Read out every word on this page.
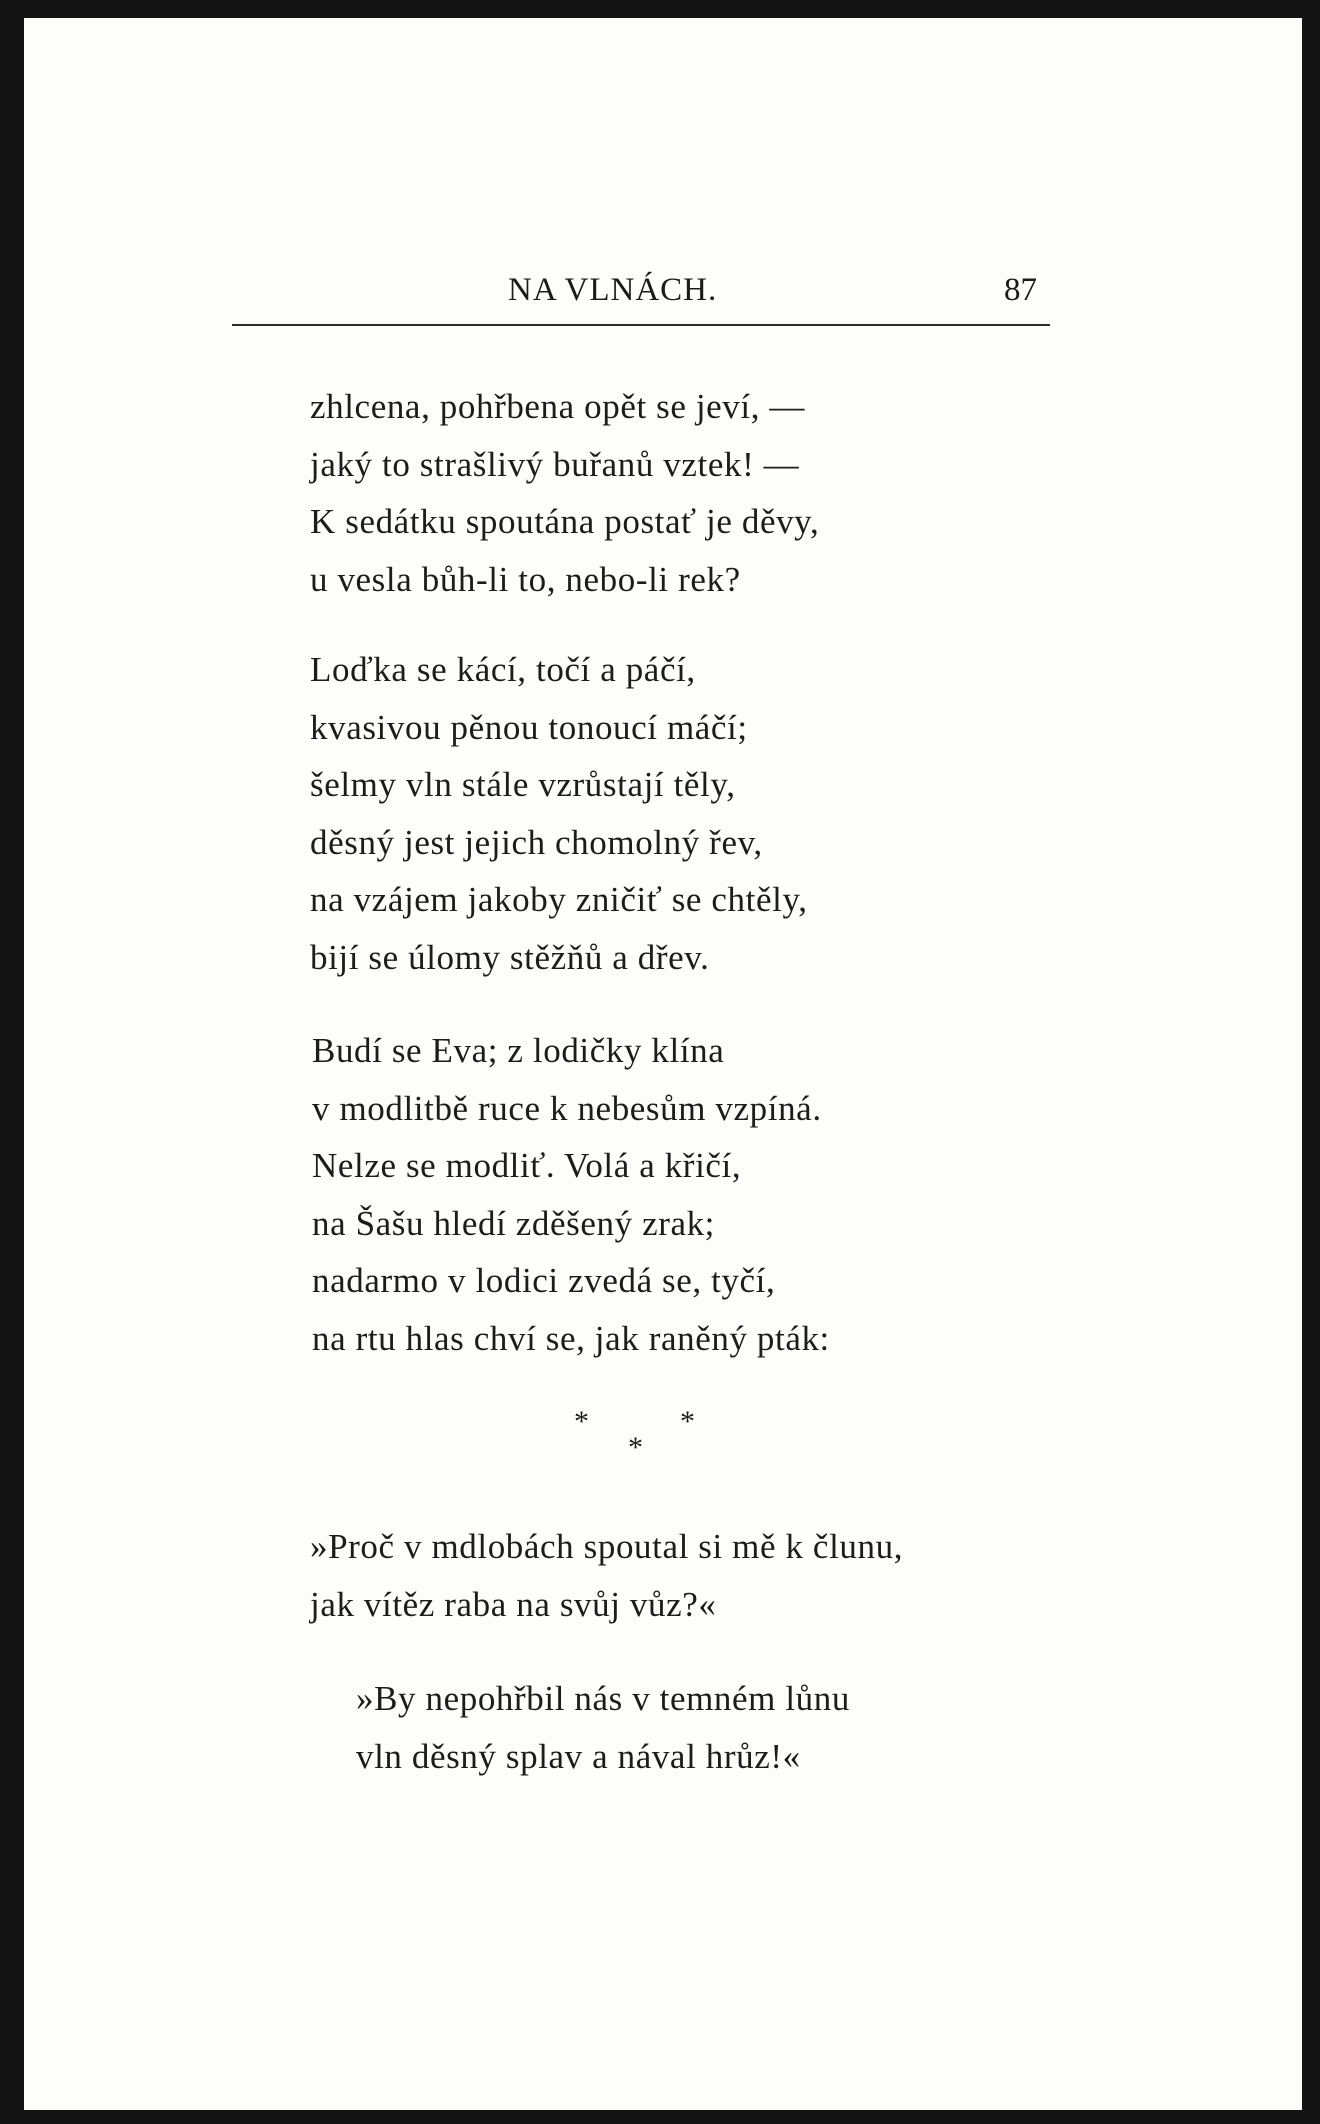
NA VLNÁCH.	87
zhlcena, pohřbena opět se jeví, —
jaký to strašlivý buřanů vztek! —
K sedátku spoutána postať je děvy,
u vesla bůh-li to, nebo-li rek?
Loďka se kácí, točí a páčí,
kvasivou pěnou tonoucí máčí;
šelmy vln stále vzrůstají těly,
děsný jest jejich chomolný řev,
na vzájem jakoby zničiť se chtěly,
bijí se úlomy stěžňů a dřev.
Budí se Eva; z lodičky klína
v modlitbě ruce k nebesům vzpíná.
Nelze se modliť. Volá a křičí,
na Šašu hledí zděšený zrak;
nadarmo v lodici zvedá se, tyčí,
na rtu hlas chví se, jak raněný pták:
*
*
*
»Proč v mdlobách spoutal si mě k člunu,
jak vítěz raba na svůj vůz?«
»By nepohřbil nás v temném lůnu
vln děsný splav a nával hrůz!«
